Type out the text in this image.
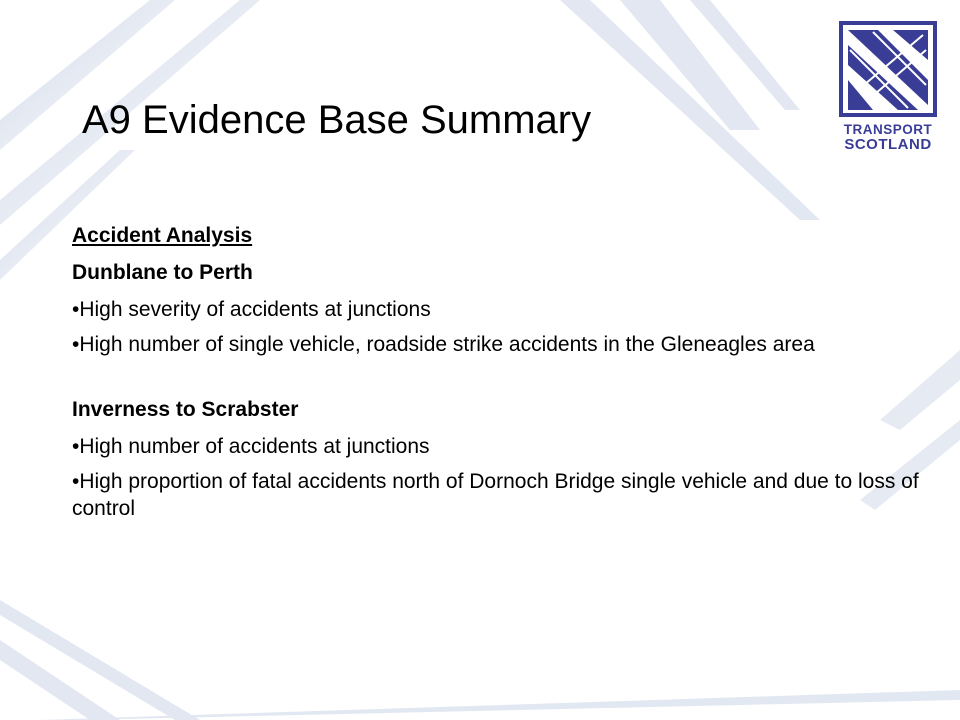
A9 Evidence Base Summary	TRANSPORT
SCOTLAND

Accident Analysis

Dunblane to Perth

•High severity of accidents at junctions

•High number of single vehicle, roadside strike accidents in the Gleneagles area

Inverness to Scrabster

•High number of accidents at junctions

•High proportion of fatal accidents north of Dornoch Bridge single vehicle and due to loss of control
